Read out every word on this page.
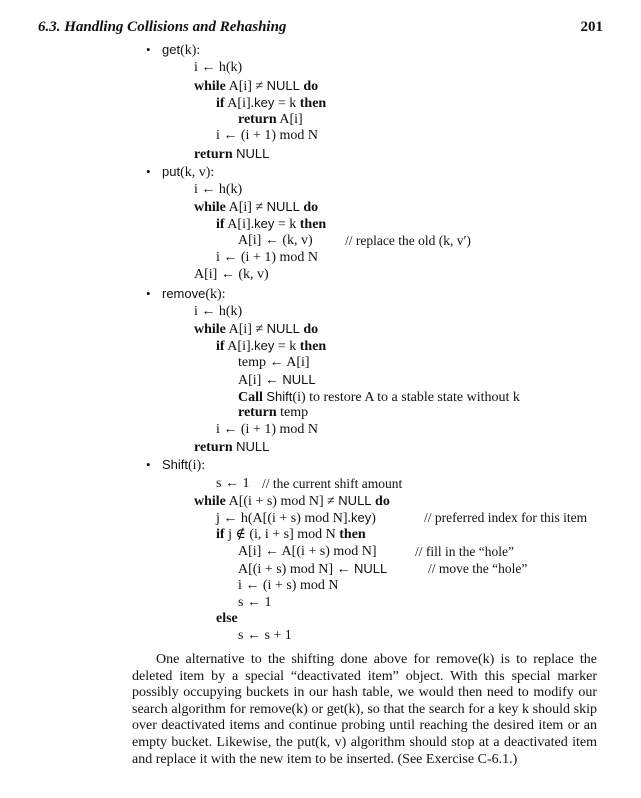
6.3. Handling Collisions and Rehashing	201
• get(k):
i ← h(k)
while A[i] ≠ NULL do
if A[i].key = k then
return A[i]
i ← (i + 1) mod N
return NULL
• put(k, v):
i ← h(k)
while A[i] ≠ NULL do
if A[i].key = k then
A[i] ← (k, v) // replace the old (k, v′)
i ← (i + 1) mod N
A[i] ← (k, v)
• remove(k):
i ← h(k)
while A[i] ≠ NULL do
if A[i].key = k then
temp ← A[i]
A[i] ← NULL
Call Shift(i) to restore A to a stable state without k
return temp
i ← (i + 1) mod N
return NULL
• Shift(i):
s ← 1 // the current shift amount
while A[(i + s) mod N] ≠ NULL do
j ← h(A[(i + s) mod N].key)	// preferred index for this item
if j ∉ (i, i + s] mod N then
A[i] ← A[(i + s) mod N]	// fill in the “hole”
A[(i + s) mod N] ← NULL	// move the “hole”
i ← (i + s) mod N
s ← 1
else
s ← s + 1

One alternative to the shifting done above for remove(k) is to replace the deleted item by a special “deactivated item” object. With this special marker possibly occupying buckets in our hash table, we would then need to modify our search algorithm for remove(k) or get(k), so that the search for a key k should skip over deactivated items and continue probing until reaching the desired item or an empty bucket. Likewise, the put(k, v) algorithm should stop at a deactivated item and replace it with the new item to be inserted. (See Exercise C-6.1.)
